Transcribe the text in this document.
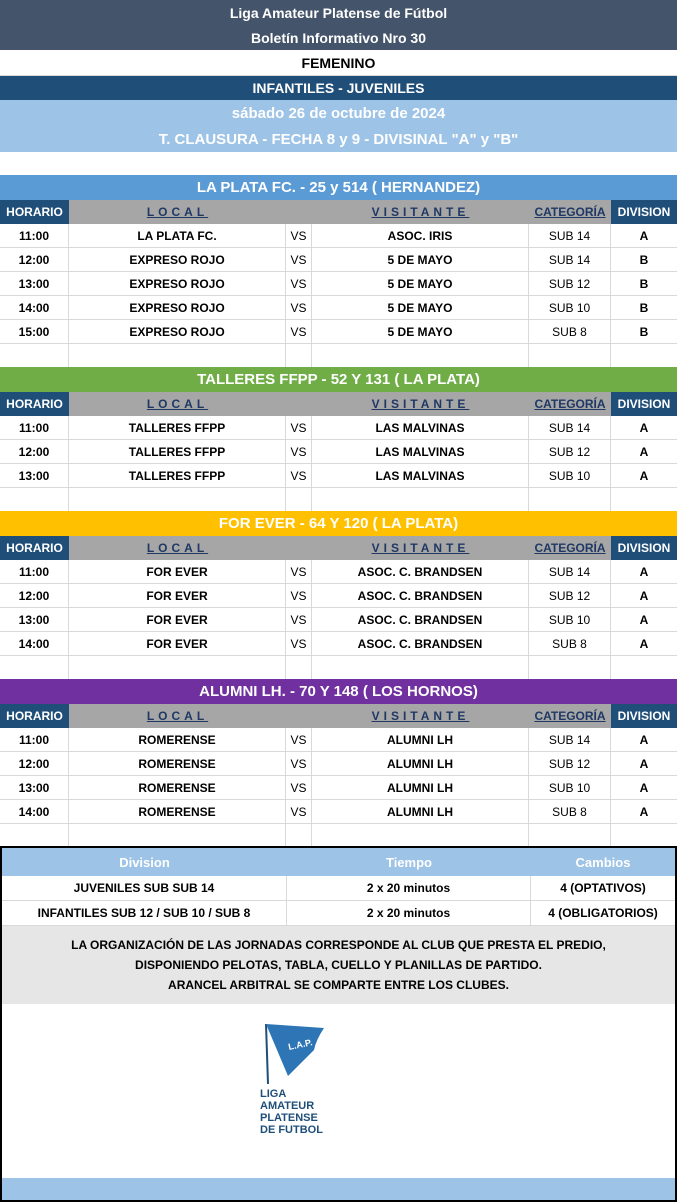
Liga Amateur Platense de Fútbol
Boletín Informativo Nro 30
FEMENINO
INFANTILES - JUVENILES
sábado 26 de octubre de 2024
T. CLAUSURA - FECHA 8 y 9 - DIVISINAL "A" y "B"
LA PLATA FC. - 25 y 514 ( HERNANDEZ)
HORARIO	LOCAL	VISITANTE	CATEGORÍA DIVISION
11:00	LA PLATA FC.	VS	ASOC. IRIS	SUB 14	A
12:00	EXPRESO ROJO	VS	5 DE MAYO	SUB 14	B
13:00	EXPRESO ROJO	VS	5 DE MAYO	SUB 12	B
14:00	EXPRESO ROJO	VS	5 DE MAYO	SUB 10	B
15:00	EXPRESO ROJO	VS	5 DE MAYO	SUB 8	B
TALLERES FFPP - 52 Y 131 ( LA PLATA)
HORARIO	LOCAL	VISITANTE	CATEGORÍA DIVISION
11:00	TALLERES FFPP	VS	LAS MALVINAS	SUB 14	A
12:00	TALLERES FFPP	VS	LAS MALVINAS	SUB 12	A
13:00	TALLERES FFPP	VS	LAS MALVINAS	SUB 10	A
FOR EVER - 64 Y 120 ( LA PLATA)
HORARIO	LOCAL	VISITANTE	CATEGORÍA DIVISION
11:00	FOR EVER	VS	ASOC. C. BRANDSEN	SUB 14	A
12:00	FOR EVER	VS	ASOC. C. BRANDSEN	SUB 12	A
13:00	FOR EVER	VS	ASOC. C. BRANDSEN	SUB 10	A
14:00	FOR EVER	VS	ASOC. C. BRANDSEN	SUB 8	A
ALUMNI LH. - 70 Y 148 ( LOS HORNOS)
HORARIO	LOCAL	VISITANTE	CATEGORÍA DIVISION
11:00	ROMERENSE	VS	ALUMNI LH	SUB 14	A
12:00	ROMERENSE	VS	ALUMNI LH	SUB 12	A
13:00	ROMERENSE	VS	ALUMNI LH	SUB 10	A
14:00	ROMERENSE	VS	ALUMNI LH	SUB 8	A
Division	Tiempo	Cambios
JUVENILES SUB SUB 14	2 x 20 minutos	4 (OPTATIVOS)
INFANTILES SUB 12 / SUB 10 / SUB 8	2 x 20 minutos	4 (OBLIGATORIOS)
LA ORGANIZACIÓN DE LAS JORNADAS CORRESPONDE AL CLUB QUE PRESTA EL PREDIO,
DISPONIENDO PELOTAS, TABLA, CUELLO Y PLANILLAS DE PARTIDO.
ARANCEL ARBITRAL SE COMPARTE ENTRE LOS CLUBES.
L.A.P.
LIGA
AMATEUR
PLATENSE
DE FUTBOL
